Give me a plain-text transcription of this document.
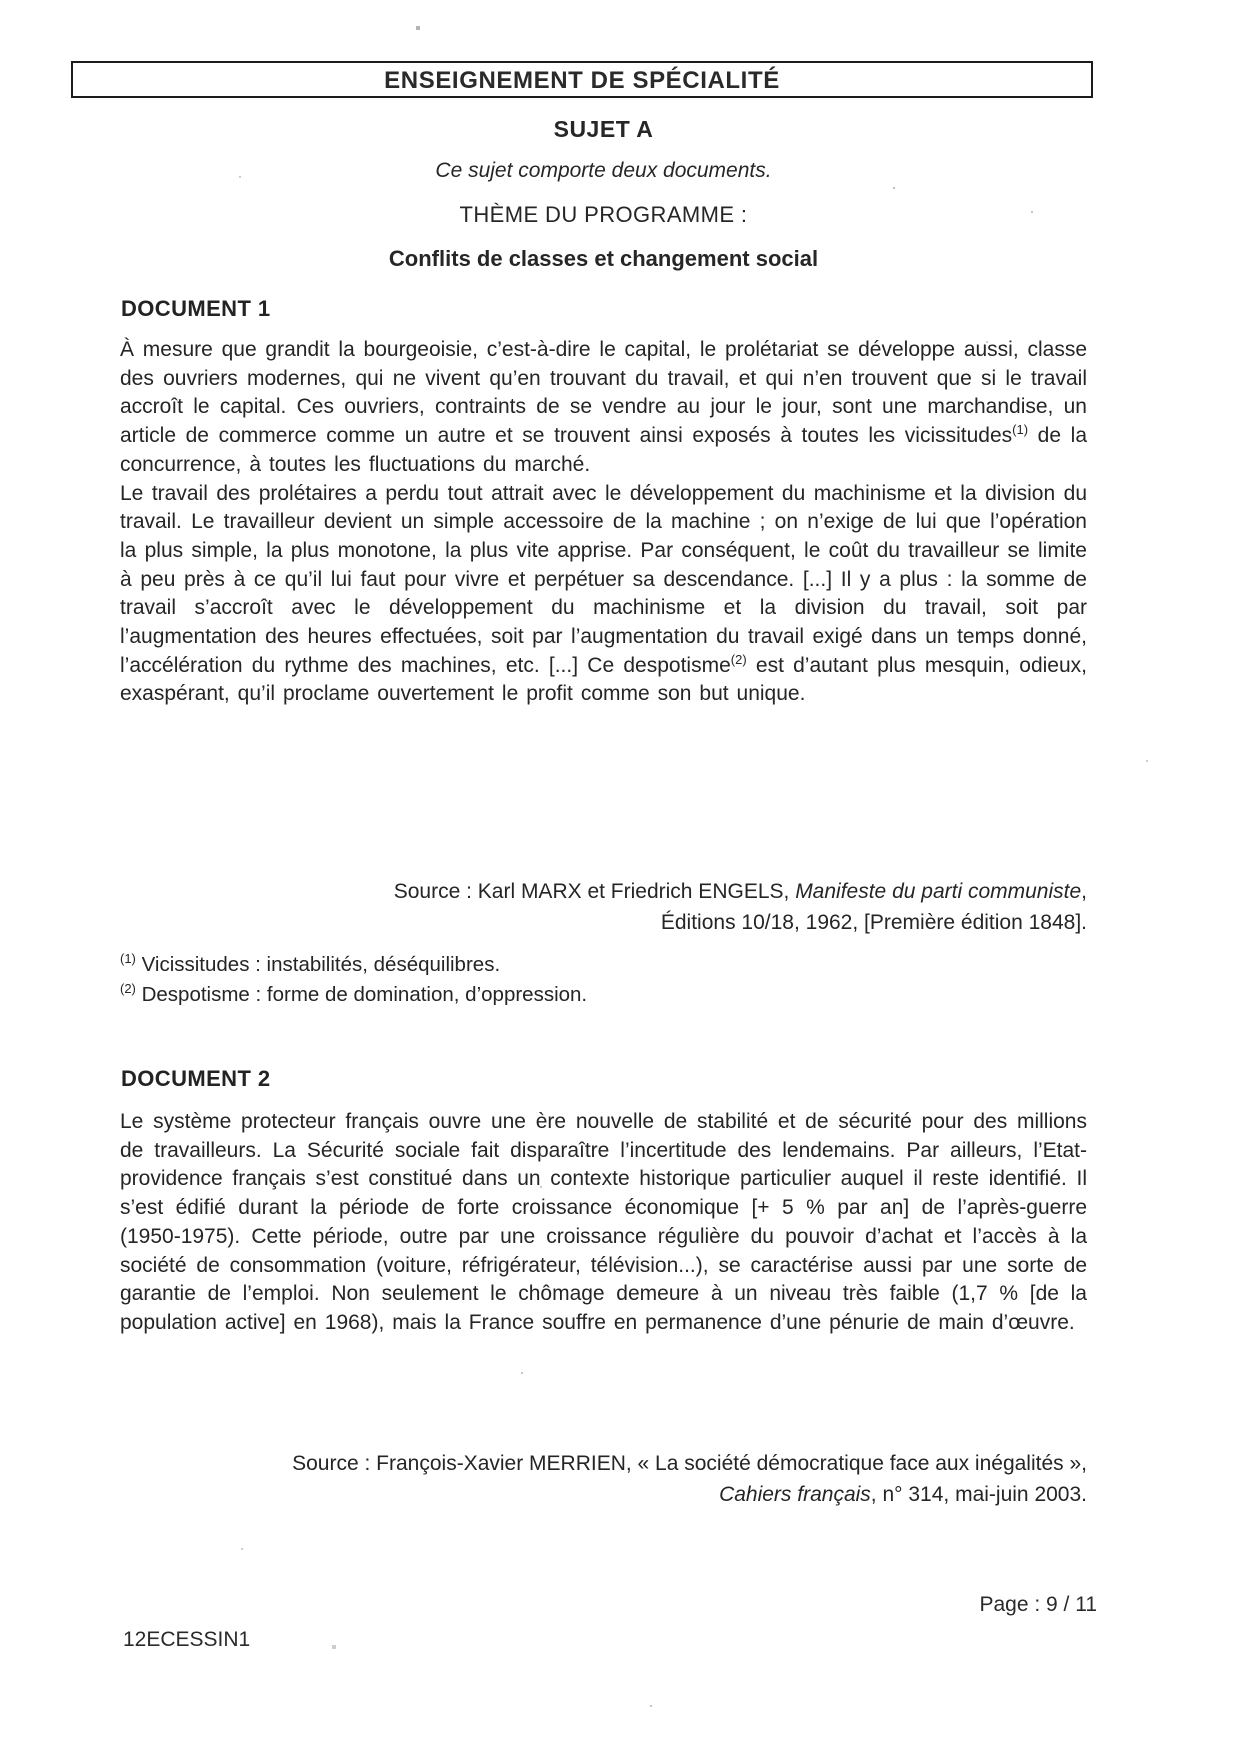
ENSEIGNEMENT DE SPÉCIALITÉ
SUJET A
Ce sujet comporte deux documents.
THÈME DU PROGRAMME :
Conflits de classes et changement social
DOCUMENT 1

À mesure que grandit la bourgeoisie, c’est-à-dire le capital, le prolétariat se développe aussi, classe des ouvriers modernes, qui ne vivent qu’en trouvant du travail, et qui n’en trouvent que si le travail accroît le capital. Ces ouvriers, contraints de se vendre au jour le jour, sont une marchandise, un article de commerce comme un autre et se trouvent ainsi exposés à toutes les vicissitudes$^{(1)}$ de la concurrence, à toutes les fluctuations du marché.

Le travail des prolétaires a perdu tout attrait avec le développement du machinisme et la division du travail. Le travailleur devient un simple accessoire de la machine ; on n’exige de lui que l’opération la plus simple, la plus monotone, la plus vite apprise. Par conséquent, le coût du travailleur se limite à peu près à ce qu’il lui faut pour vivre et perpétuer sa descendance. [...] Il y a plus : la somme de travail s’accroît avec le développement du machinisme et la division du travail, soit par l’augmentation des heures effectuées, soit par l’augmentation du travail exigé dans un temps donné, l’accélération du rythme des machines, etc. [...] Ce despotisme$^{(2)}$ est d’autant plus mesquin, odieux, exaspérant, qu’il proclame ouvertement le profit comme son but unique.

Source : Karl MARX et Friedrich ENGELS, Manifeste du parti communiste,
Éditions 10/18, 1962, [Première édition 1848].
$^{(1)}$ Vicissitudes : instabilités, déséquilibres.
$^{(2)}$ Despotisme : forme de domination, d’oppression.
DOCUMENT 2

Le système protecteur français ouvre une ère nouvelle de stabilité et de sécurité pour des millions de travailleurs. La Sécurité sociale fait disparaître l’incertitude des lendemains. Par ailleurs, l’Etat-providence français s’est constitué dans un contexte historique particulier auquel il reste identifié. Il s’est édifié durant la période de forte croissance économique [+ 5 % par an] de l’après-guerre (1950-1975). Cette période, outre par une croissance régulière du pouvoir d’achat et l’accès à la société de consommation (voiture, réfrigérateur, télévision...), se caractérise aussi par une sorte de garantie de l’emploi. Non seulement le chômage demeure à un niveau très faible (1,7 % [de la population active] en 1968), mais la France souffre en permanence d’une pénurie de main d’œuvre.

Source : François-Xavier MERRIEN, « La société démocratique face aux inégalités »,
Cahiers français, n° 314, mai-juin 2003.
Page : 9 / 11
12ECESSIN1
